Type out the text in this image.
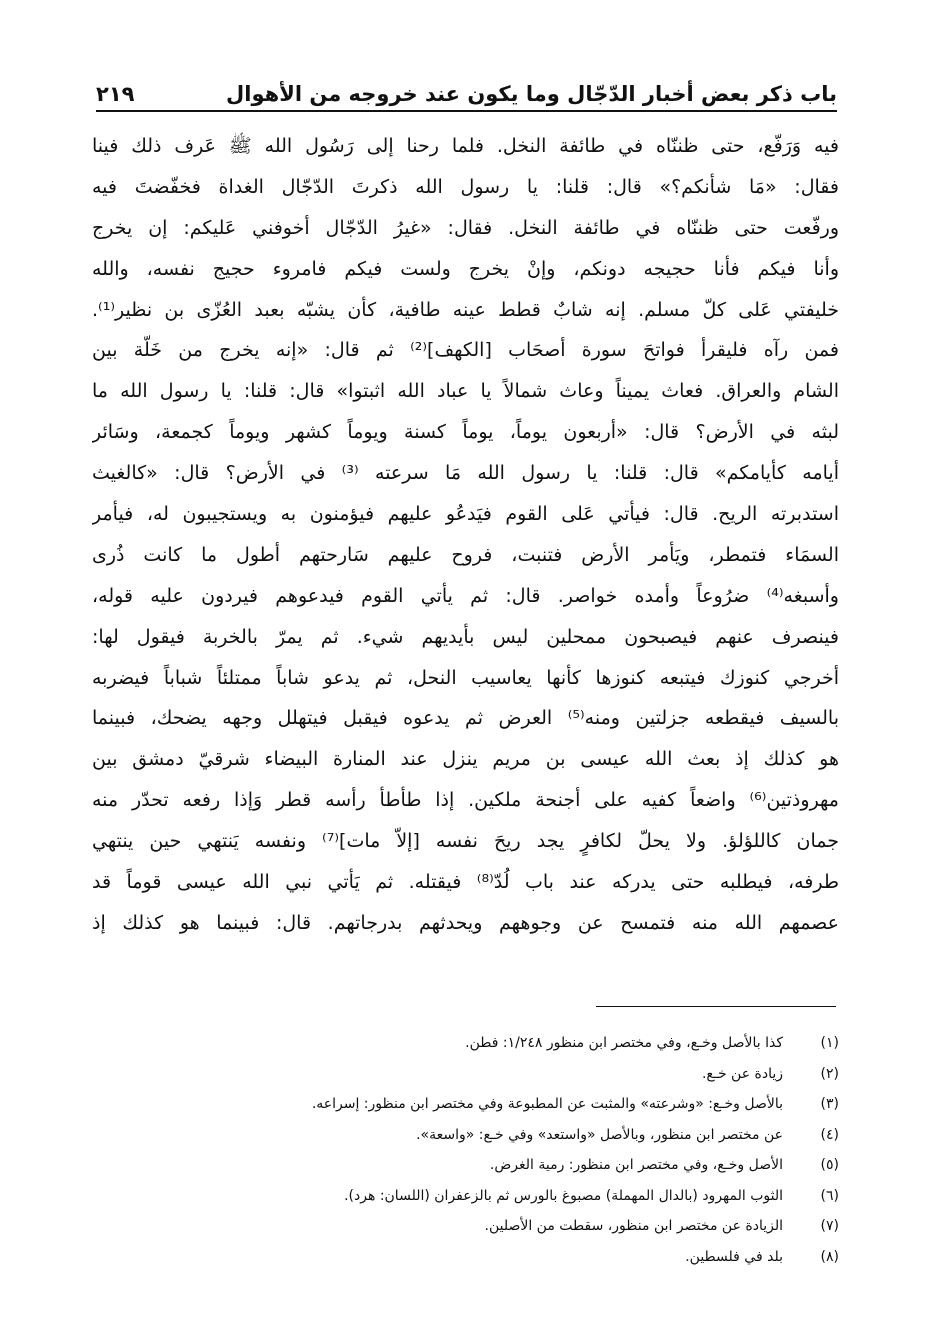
باب ذكر بعض أخبار الدّجّال وما يكون عند خروجه من الأهوال
٢١٩
فيه وَرَفّع، حتى ظننّاه في طائفة النخل. فلما رحنا إلى رَسُول الله ﷺ عَرف ذلك فينا
فقال: «مَا شأنكم؟» قال: قلنا: يا رسول الله ذكرتَ الدّجّال الغداة فخفّضتَ فيه
ورفّعت حتى ظننّاه في طائفة النخل. فقال: «غيرُ الدّجّال أخوفني عَليكم: إن يخرج
وأنا فيكم فأنا حجيجه دونكم، وإنْ يخرج ولست فيكم فامروء حجيج نفسه، والله
خليفتي عَلى كلّ مسلم. إنه شابٌ قطط عينه طافية، كأن يشبّه بعبد العُزّى بن نظير⁽¹⁾.
فمن رآه فليقرأ فواتحَ سورة أصحَاب [الكهف]⁽²⁾ ثم قال: «إنه يخرج من خَلّة بين
الشام والعراق. فعاث يميناً وعاث شمالاً يا عباد الله اثبتوا» قال: قلنا: يا رسول الله ما
لبثه في الأرض؟ قال: «أربعون يوماً، يوماً كسنة ويوماً كشهر ويوماً كجمعة، وسَائر
أيامه كأيامكم» قال: قلنا: يا رسول الله مَا سرعته ⁽³⁾ في الأرض؟ قال: «كالغيث
استدبرته الريح. قال: فيأتي عَلى القوم فيَدعُو عليهم فيؤمنون به ويستجيبون له، فيأمر
السمَاء فتمطر، ويَأمر الأرض فتنبت، فروح عليهم سَارحتهم أطول ما كانت ذُرى
وأسبغه⁽⁴⁾ ضرُوعاً وأمده خواصر. قال: ثم يأتي القوم فيدعوهم فيردون عليه قوله،
فينصرف عنهم فيصبحون ممحلين ليس بأيديهم شيء. ثم يمرّ بالخربة فيقول لها:
أخرجي كنوزك فيتبعه كنوزها كأنها يعاسيب النحل، ثم يدعو شاباً ممتلئاً شباباً فيضربه
بالسيف فيقطعه جزلتين ومنه⁽⁵⁾ العرض ثم يدعوه فيقبل فيتهلل وجهه يضحك، فبينما
هو كذلك إذ بعث الله عيسى بن مريم ينزل عند المنارة البيضاء شرقيّ دمشق بين
مهروذتين⁽⁶⁾ واضعاً كفيه على أجنحة ملكين. إذا طأطأ رأسه قطر وَإذا رفعه تحدّر منه
جمان كاللؤلؤ. ولا يحلّ لكافرٍ يجد ريحَ نفسه [إلاّ مات]⁽⁷⁾ ونفسه يَنتهي حين ينتهي
طرفه، فيطلبه حتى يدركه عند باب لُدّ⁽⁸⁾ فيقتله. ثم يَأتي نبي الله عيسى قوماً قد
عصمهم الله منه فتمسح عن وجوههم ويحدثهم بدرجاتهم. قال: فبينما هو كذلك إذ
(١)
كذا بالأصل وخـع، وفي مختصر ابن منظور ١/٢٤٨: فطن.
(٢)
زيادة عن خـع.
(٣)
بالأصل وخـع: «وشرعته» والمثبت عن المطبوعة وفي مختصر ابن منظور: إسراعه.
(٤)
عن مختصر ابن منظور، وبالأصل «واستعد» وفي خـع: «واسعة».
(٥)
الأصل وخـع، وفي مختصر ابن منظور: رمية الغرض.
(٦)
الثوب المهرود (بالدال المهملة) مصبوغ بالورس ثم بالزعفران (اللسان: هرد).
(٧)
الزيادة عن مختصر ابن منظور، سقطت من الأصلين.
(٨)
بلد في فلسطين.
